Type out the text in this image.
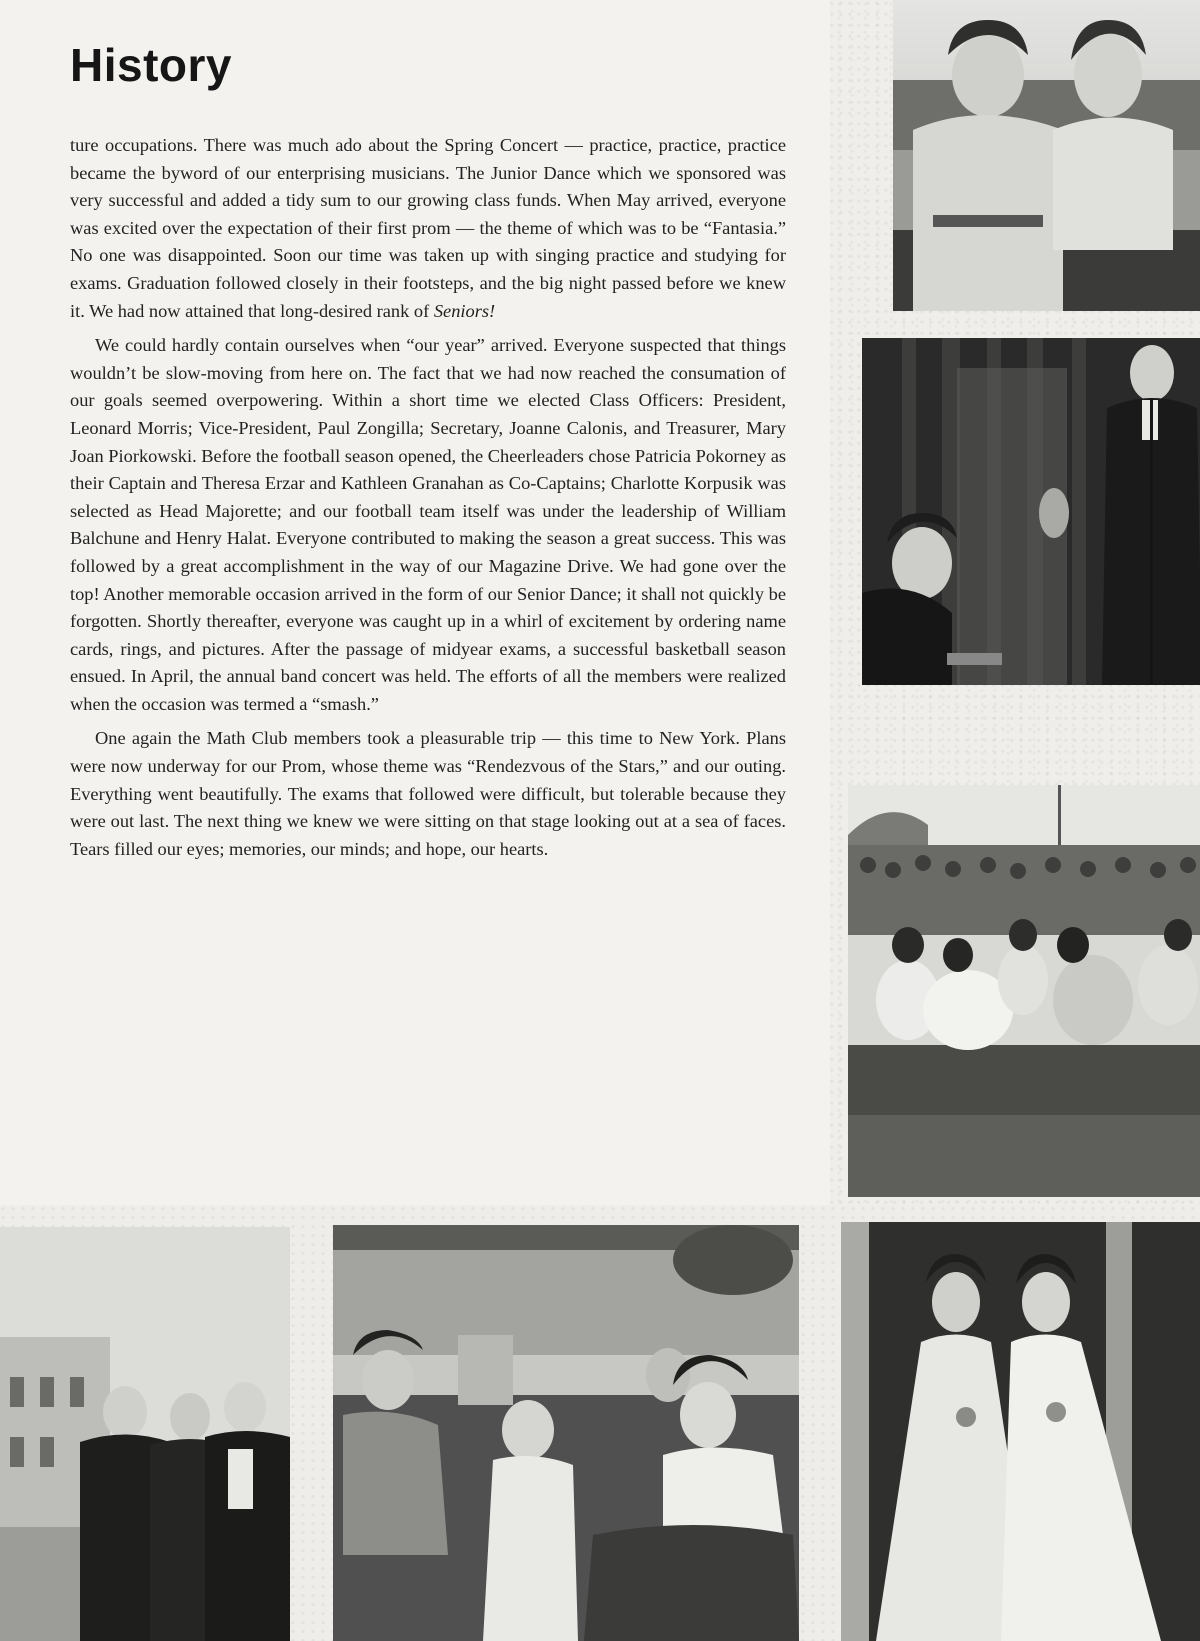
History

ture occupations. There was much ado about the Spring Concert — practice, practice, practice became the byword of our enterprising musicians. The Junior Dance which we sponsored was very successful and added a tidy sum to our growing class funds. When May arrived, everyone was excited over the expectation of their first prom — the theme of which was to be “Fantasia.” No one was disappointed. Soon our time was taken up with singing practice and studying for exams. Graduation followed closely in their footsteps, and the big night passed before we knew it. We had now attained that long-desired rank of Seniors!

We could hardly contain ourselves when “our year” arrived. Everyone suspected that things wouldn’t be slow-moving from here on. The fact that we had now reached the consumation of our goals seemed overpowering. Within a short time we elected Class Officers: President, Leonard Morris; Vice-President, Paul Zongilla; Secretary, Joanne Calonis, and Treasurer, Mary Joan Piorkowski. Before the football season opened, the Cheerleaders chose Patricia Pokorney as their Captain and Theresa Erzar and Kathleen Granahan as Co-Captains; Charlotte Korpusik was selected as Head Majorette; and our football team itself was under the leadership of William Balchune and Henry Halat. Everyone contributed to making the season a great success. This was followed by a great accomplishment in the way of our Magazine Drive. We had gone over the top! Another memorable occasion arrived in the form of our Senior Dance; it shall not quickly be forgotten. Shortly thereafter, everyone was caught up in a whirl of excitement by ordering name cards, rings, and pictures. After the passage of midyear exams, a successful basketball season ensued. In April, the annual band concert was held. The efforts of all the members were realized when the occasion was termed a “smash.”

One again the Math Club members took a pleasurable trip — this time to New York. Plans were now underway for our Prom, whose theme was “Rendezvous of the Stars,” and our outing. Everything went beautifully. The exams that followed were difficult, but tolerable because they were out last. The next thing we knew we were sitting on that stage looking out at a sea of faces. Tears filled our eyes; memories, our minds; and hope, our hearts.
